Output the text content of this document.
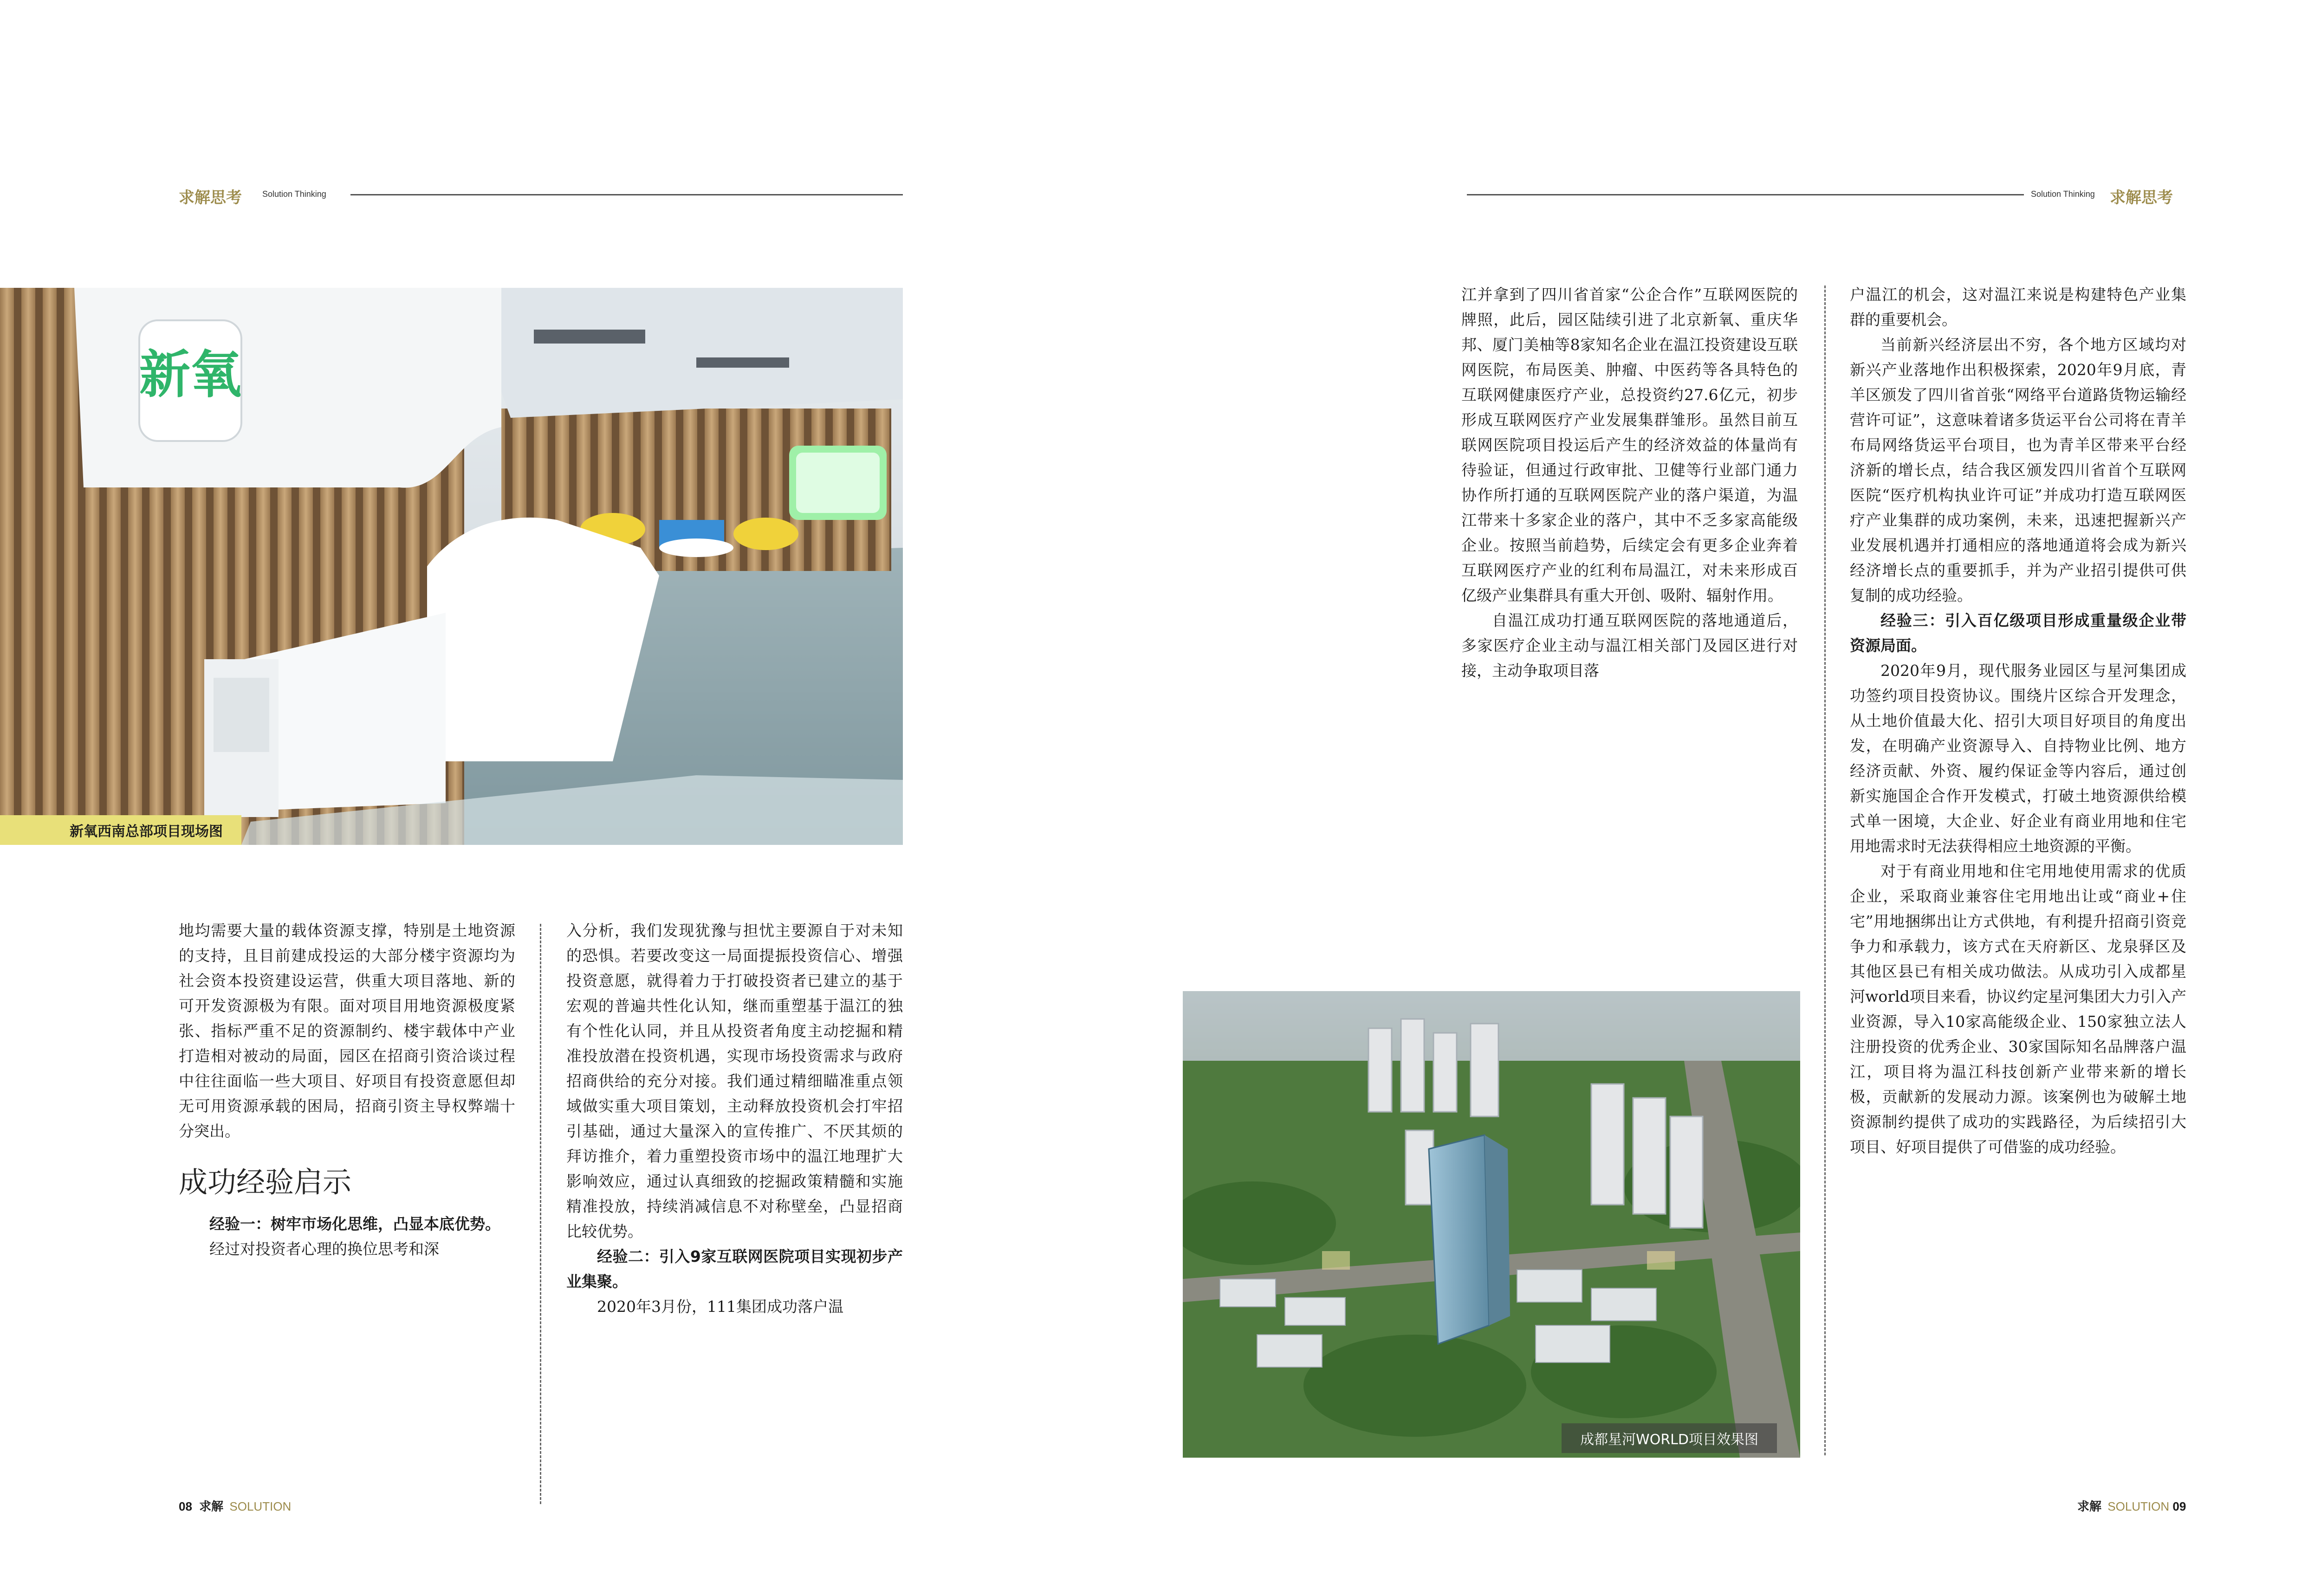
求解思考 Solution Thinking	Solution Thinking 求解思考
新氧
新氧西南总部项目现场图

地均需要大量的载体资源支撑，特别是土地资源的支持，且目前建成投运的大部分楼宇资源均为社会资本投资建设运营，供重大项目落地、新的可开发资源极为有限。面对项目用地资源极度紧张、指标严重不足的资源制约、楼宇载体中产业打造相对被动的局面，园区在招商引资洽谈过程中往往面临一些大项目、好项目有投资意愿但却无可用资源承载的困局，招商引资主导权弊端十分突出。

成功经验启示

经验一：树牢市场化思维，凸显本底优势。

经过对投资者心理的换位思考和深

入分析，我们发现犹豫与担忧主要源自于对未知的恐惧。若要改变这一局面提振投资信心、增强投资意愿，就得着力于打破投资者已建立的基于宏观的普遍共性化认知，继而重塑基于温江的独有个性化认同，并且从投资者角度主动挖掘和精准投放潜在投资机遇，实现市场投资需求与政府招商供给的充分对接。我们通过精细瞄准重点领域做实重大项目策划，主动释放投资机会打牢招引基础，通过大量深入的宣传推广、不厌其烦的拜访推介，着力重塑投资市场中的温江地理扩大影响效应，通过认真细致的挖掘政策精髓和实施精准投放，持续消减信息不对称壁垒，凸显招商比较优势。

经验二：引入9家互联网医院项目实现初步产业集聚。

2020年3月份，111集团成功落户温

江并拿到了四川省首家“公企合作”互联网医院的牌照，此后，园区陆续引进了北京新氧、重庆华邦、厦门美柚等8家知名企业在温江投资建设互联网医院，布局医美、肿瘤、中医药等各具特色的互联网健康医疗产业，总投资约27.6亿元，初步形成互联网医疗产业发展集群雏形。虽然目前互联网医院项目投运后产生的经济效益的体量尚有待验证，但通过行政审批、卫健等行业部门通力协作所打通的互联网医院产业的落户渠道，为温江带来十多家企业的落户，其中不乏多家高能级企业。按照当前趋势，后续定会有更多企业奔着互联网医疗产业的红利布局温江，对未来形成百亿级产业集群具有重大开创、吸附、辐射作用。

自温江成功打通互联网医院的落地通道后，多家医疗企业主动与温江相关部门及园区进行对接，主动争取项目落

户温江的机会，这对温江来说是构建特色产业集群的重要机会。

当前新兴经济层出不穷，各个地方区域均对新兴产业落地作出积极探索，2020年9月底，青羊区颁发了四川省首张“网络平台道路货物运输经营许可证”，这意味着诸多货运平台公司将在青羊布局网络货运平台项目，也为青羊区带来平台经济新的增长点，结合我区颁发四川省首个互联网医院“医疗机构执业许可证”并成功打造互联网医疗产业集群的成功案例，未来，迅速把握新兴产业发展机遇并打通相应的落地通道将会成为新兴经济增长点的重要抓手，并为产业招引提供可供复制的成功经验。

经验三：引入百亿级项目形成重量级企业带资源局面。

2020年9月，现代服务业园区与星河集团成功签约项目投资协议。围绕片区综合开发理念，从土地价值最大化、招引大项目好项目的角度出发，在明确产业资源导入、自持物业比例、地方经济贡献、外资、履约保证金等内容后，通过创新实施国企合作开发模式，打破土地资源供给模式单一困境，大企业、好企业有商业用地和住宅用地需求时无法获得相应土地资源的平衡。

对于有商业用地和住宅用地使用需求的优质企业，采取商业兼容住宅用地出让或“商业+住宅”用地捆绑出让方式供地，有利提升招商引资竞争力和承载力，该方式在天府新区、龙泉驿区及其他区县已有相关成功做法。从成功引入成都星河world项目来看，协议约定星河集团大力引入产业资源，导入10家高能级企业、150家独立法人注册投资的优秀企业、30家国际知名品牌落户温江，项目将为温江科技创新产业带来新的增长极，贡献新的发展动力源。该案例也为破解土地资源制约提供了成功的实践路径，为后续招引大项目、好项目提供了可借鉴的成功经验。

成都星河WORLD项目效果图
08 求解 SOLUTION	求解 SOLUTION 09
